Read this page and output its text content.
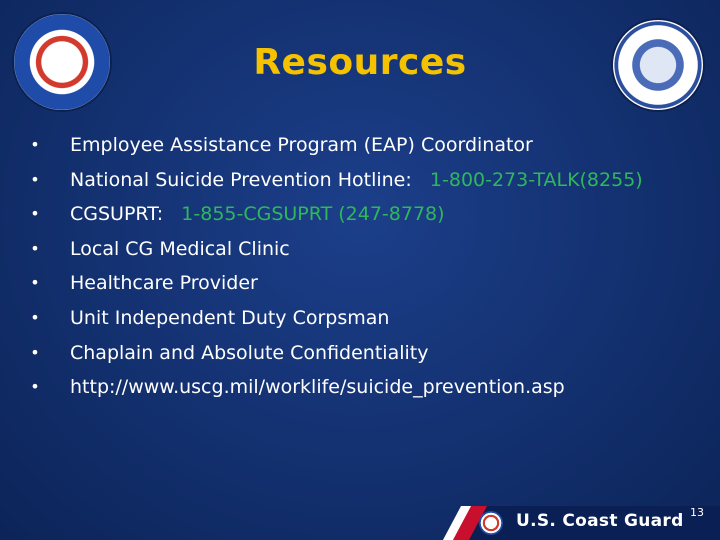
Resources
• Employee Assistance Program (EAP) Coordinator
• National Suicide Prevention Hotline:   1-800-273-TALK(8255)
• CGSUPRT:   1-855-CGSUPRT (247-8778)
• Local CG Medical Clinic
• Healthcare Provider
• Unit Independent Duty Corpsman
• Chaplain and Absolute Confidentiality
• http://www.uscg.mil/worklife/suicide_prevention.asp
U.S. Coast Guard 13
